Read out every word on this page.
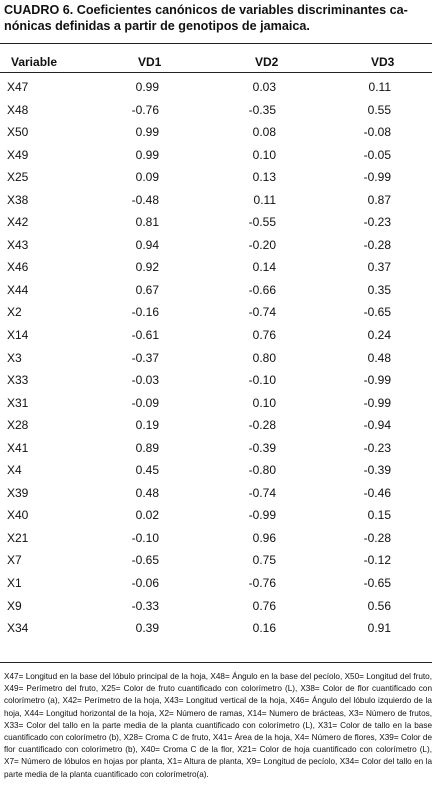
CUADRO 6. Coeficientes canónicos de variables discriminantes ca-nónicas definidas a partir de genotipos de jamaica.
Variable	VD1	VD2	VD3
X47	0.99	0.03	0.11
X48	-0.76	-0.35	0.55
X50	0.99	0.08	-0.08
X49	0.99	0.10	-0.05
X25	0.09	0.13	-0.99
X38	-0.48	0.11	0.87
X42	0.81	-0.55	-0.23
X43	0.94	-0.20	-0.28
X46	0.92	0.14	0.37
X44	0.67	-0.66	0.35
X2	-0.16	-0.74	-0.65
X14	-0.61	0.76	0.24
X3	-0.37	0.80	0.48
X33	-0.03	-0.10	-0.99
X31	-0.09	0.10	-0.99
X28	0.19	-0.28	-0.94
X41	0.89	-0.39	-0.23
X4	0.45	-0.80	-0.39
X39	0.48	-0.74	-0.46
X40	0.02	-0.99	0.15
X21	-0.10	0.96	-0.28
X7	-0.65	0.75	-0.12
X1	-0.06	-0.76	-0.65
X9	-0.33	0.76	0.56
X34	0.39	0.16	0.91
X47= Longitud en la base del lóbulo principal de la hoja, X48= Ángulo en la base del pecíolo, X50= Longitud del fruto, X49= Perímetro del fruto, X25= Color de fruto cuantificado con colorímetro (L), X38= Color de flor cuantificado con colorímetro (a), X42= Perímetro de la hoja, X43= Longitud vertical de la hoja, X46= Ángulo del lóbulo izquierdo de la hoja, X44= Longitud horizontal de la hoja, X2= Número de ramas, X14= Numero de brácteas, X3= Número de frutos, X33= Color del tallo en la parte media de la planta cuantificado con colorímetro (L), X31= Color de tallo en la base cuantificado con colorímetro (b), X28= Croma C de fruto, X41= Área de la hoja, X4= Número de flores, X39= Color de flor cuantificado con colorímetro (b), X40= Croma C de la flor, X21= Color de hoja cuantificado con colorímetro (L), X7= Número de lóbulos en hojas por planta, X1= Altura de planta, X9= Longitud de pecíolo, X34= Color del tallo en la parte media de la planta cuantificado con colorímetro(a).
